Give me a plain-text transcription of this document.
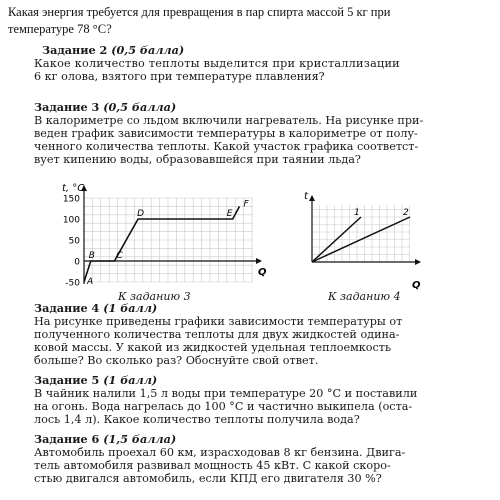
Какая энергия требуется для превращения в пар спирта массой 5 кг при
температуре 78 °С?
Задание 2 (0,5 балла)
Какое количество теплоты выделится при кристаллизации
6 кг олова, взятого при температуре плавления?
Задание 3 (0,5 балла)
В калориметре со льдом включили нагреватель. На рисунке при-
веден график зависимости температуры в калориметре от полу-
ченного количества теплоты. Какой участок графика соответст-
вует кипению воды, образовавшейся при таянии льда?
150
100
50
0
-50 A
B C
D	E
F
t, °C
Q
К заданию 3
1	2
t
Q
К заданию 4
Задание 4 (1 балл)
На рисунке приведены графики зависимости температуры от
полученного количества теплоты для двух жидкостей одина-
ковой массы. У какой из жидкостей удельная теплоемкость
больше? Во сколько раз? Обоснуйте свой ответ.
Задание 5 (1 балл)
В чайник налили 1,5 л воды при температуре 20 °С и поставили
на огонь. Вода нагрелась до 100 °С и частично выкипела (оста-
лось 1,4 л). Какое количество теплоты получила вода?
Задание 6 (1,5 балла)
Автомобиль проехал 60 км, израсходовав 8 кг бензина. Двига-
тель автомобиля развивал мощность 45 кВт. С какой скоро-
стью двигался автомобиль, если КПД его двигателя 30 %?
